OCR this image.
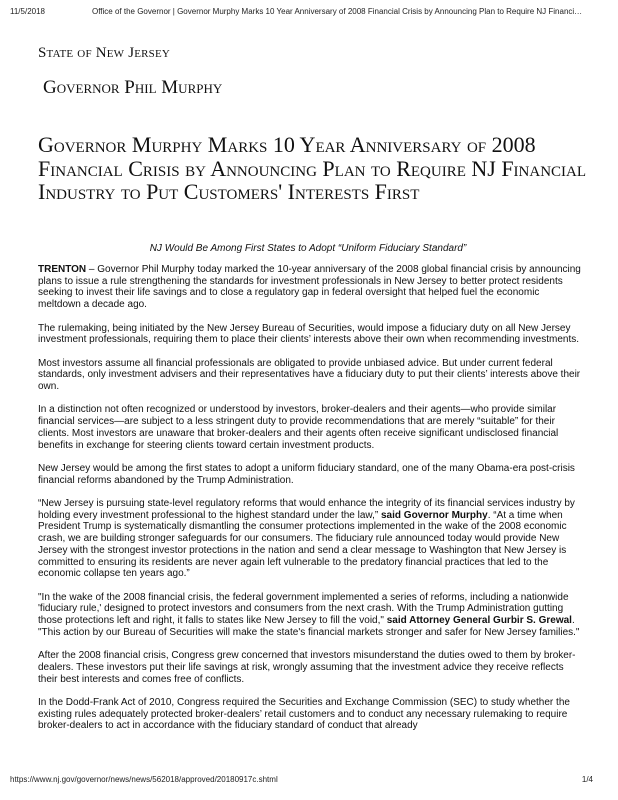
11/5/2018	Office of the Governor | Governor Murphy Marks 10 Year Anniversary of 2008 Financial Crisis by Announcing Plan to Require NJ Financi…
State of New Jersey
Governor Phil Murphy
Governor Murphy Marks 10 Year Anniversary of 2008 Financial Crisis by Announcing Plan to Require NJ Financial Industry to Put Customers' Interests First
NJ Would Be Among First States to Adopt “Uniform Fiduciary Standard”

TRENTON – Governor Phil Murphy today marked the 10-year anniversary of the 2008 global financial crisis by announcing plans to issue a rule strengthening the standards for investment professionals in New Jersey to better protect residents seeking to invest their life savings and to close a regulatory gap in federal oversight that helped fuel the economic meltdown a decade ago.

The rulemaking, being initiated by the New Jersey Bureau of Securities, would impose a fiduciary duty on all New Jersey investment professionals, requiring them to place their clients’ interests above their own when recommending investments.

Most investors assume all financial professionals are obligated to provide unbiased advice. But under current federal standards, only investment advisers and their representatives have a fiduciary duty to put their clients’ interests above their own.

In a distinction not often recognized or understood by investors, broker-dealers and their agents—who provide similar financial services—are subject to a less stringent duty to provide recommendations that are merely “suitable” for their clients. Most investors are unaware that broker-dealers and their agents often receive significant undisclosed financial benefits in exchange for steering clients toward certain investment products.

New Jersey would be among the first states to adopt a uniform fiduciary standard, one of the many Obama-era post-crisis financial reforms abandoned by the Trump Administration.

“New Jersey is pursuing state-level regulatory reforms that would enhance the integrity of its financial services industry by holding every investment professional to the highest standard under the law,” said Governor Murphy. “At a time when President Trump is systematically dismantling the consumer protections implemented in the wake of the 2008 economic crash, we are building stronger safeguards for our consumers. The fiduciary rule announced today would provide New Jersey with the strongest investor protections in the nation and send a clear message to Washington that New Jersey is committed to ensuring its residents are never again left vulnerable to the predatory financial practices that led to the economic collapse ten years ago.”

"In the wake of the 2008 financial crisis, the federal government implemented a series of reforms, including a nationwide 'fiduciary rule,' designed to protect investors and consumers from the next crash. With the Trump Administration gutting those protections left and right, it falls to states like New Jersey to fill the void," said Attorney General Gurbir S. Grewal. "This action by our Bureau of Securities will make the state's financial markets stronger and safer for New Jersey families."

After the 2008 financial crisis, Congress grew concerned that investors misunderstand the duties owed to them by broker-dealers. These investors put their life savings at risk, wrongly assuming that the investment advice they receive reflects their best interests and comes free of conflicts.

In the Dodd-Frank Act of 2010, Congress required the Securities and Exchange Commission (SEC) to study whether the existing rules adequately protected broker-dealers’ retail customers and to conduct any necessary rulemaking to require broker-dealers to act in accordance with the fiduciary standard of conduct that already

https://www.nj.gov/governor/news/news/562018/approved/20180917c.shtml	1/4
